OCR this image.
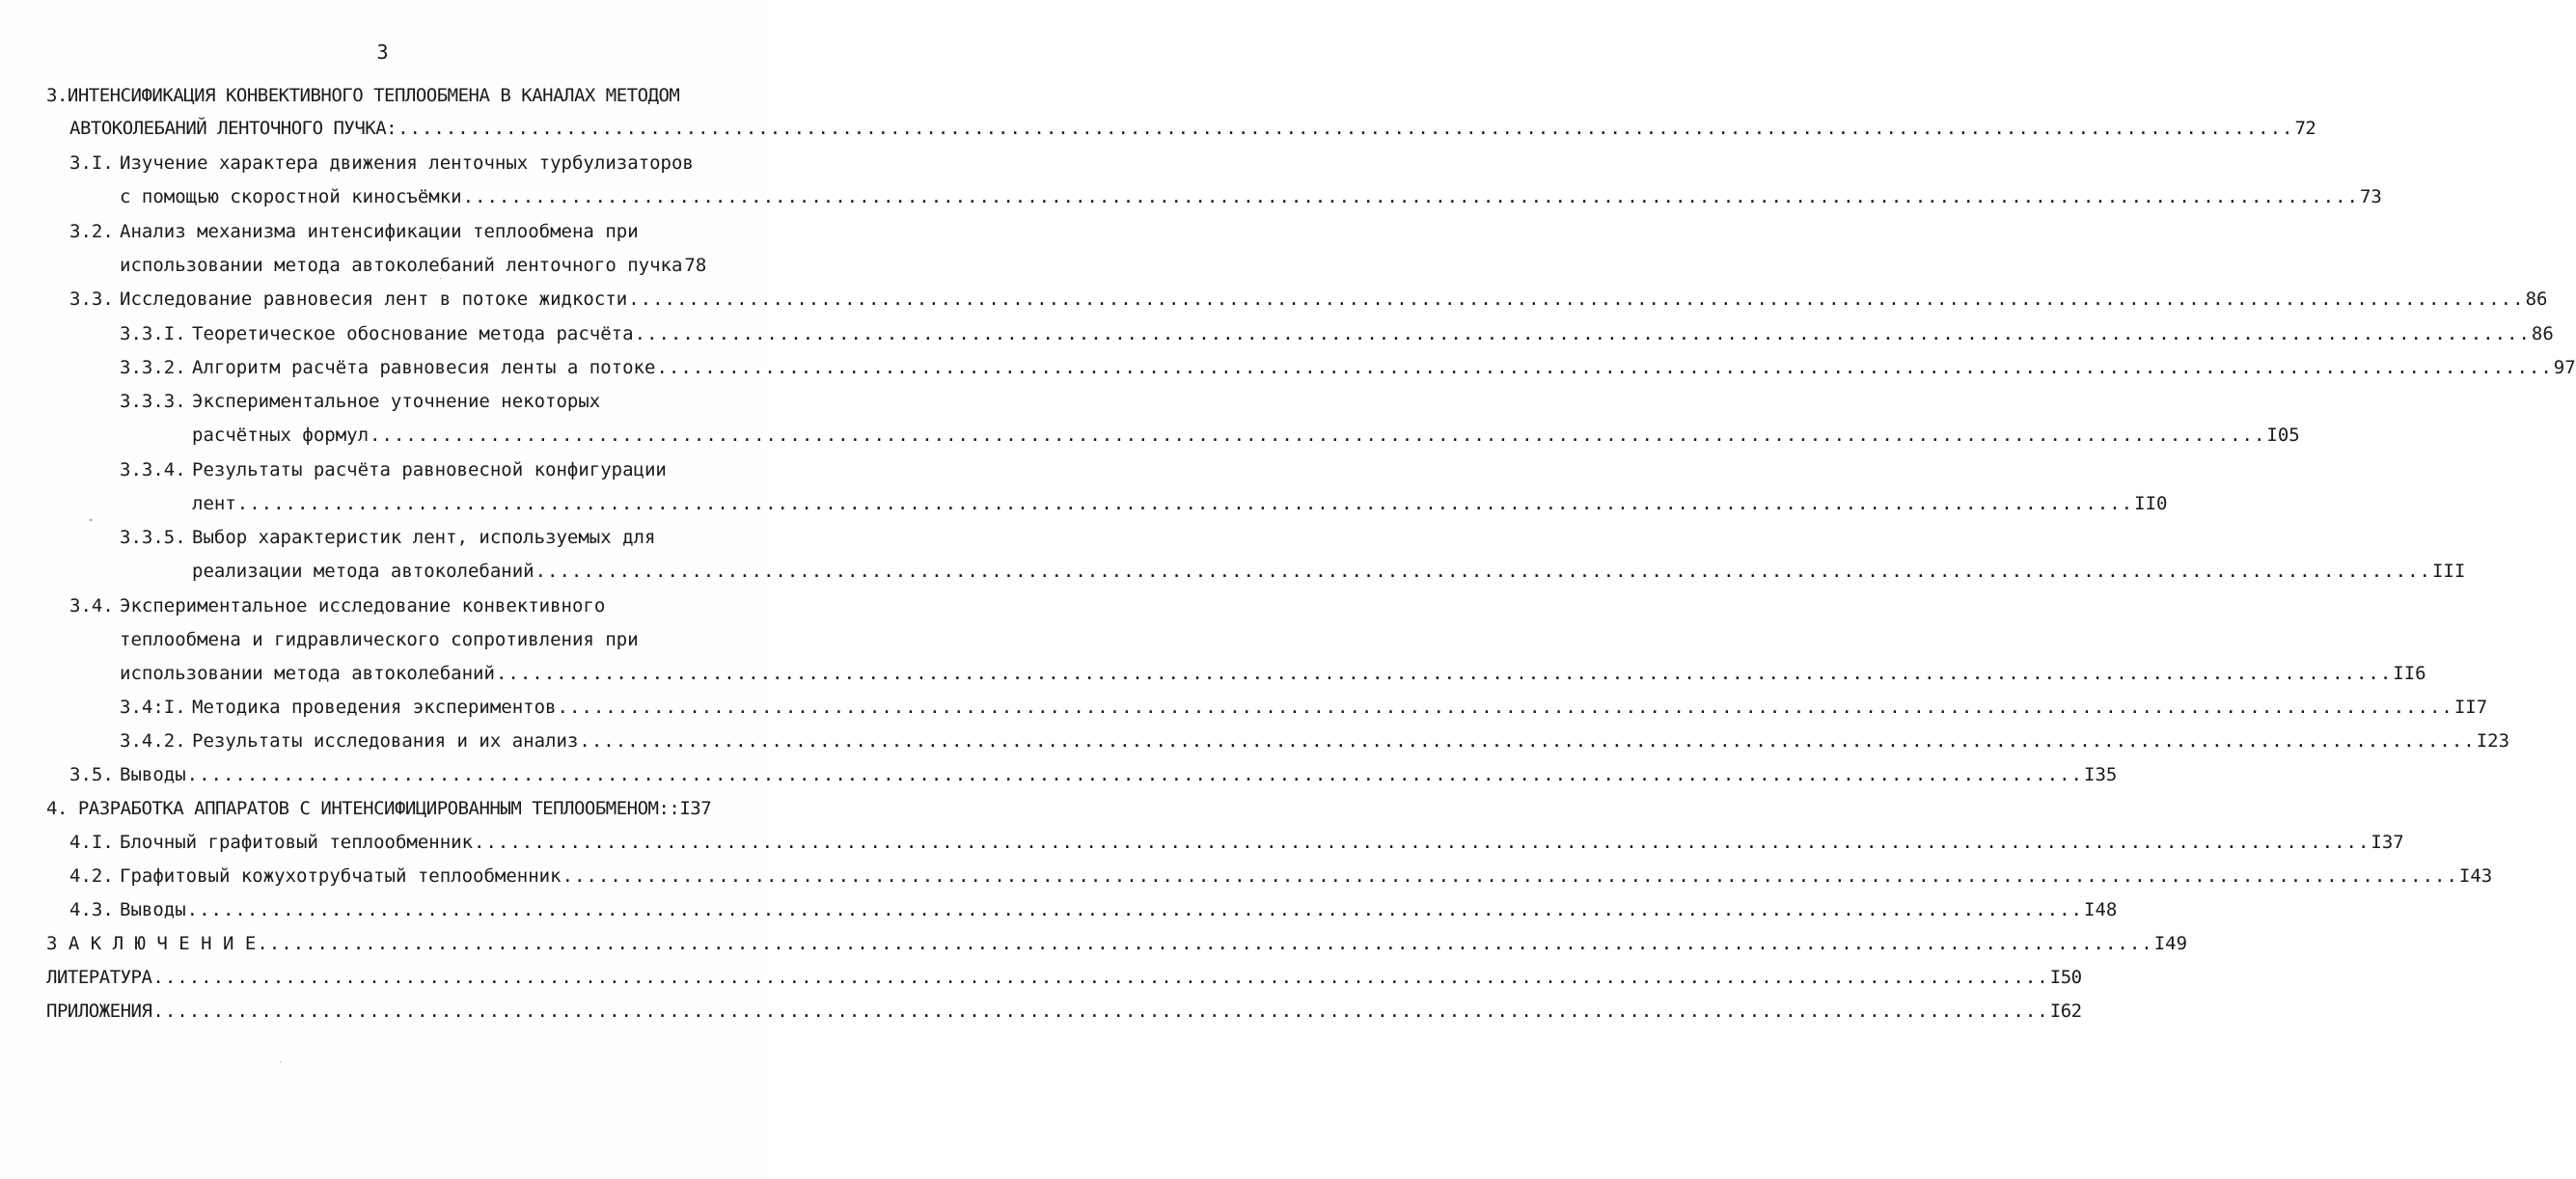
3
3.ИНТЕНСИФИКАЦИЯ КОНВЕКТИВНОГО ТЕПЛООБМЕНА В КАНАЛАХ МЕТОДОМ
АВТОКОЛЕБАНИЙ ЛЕНТОЧНОГО ПУЧКА: .....	72
3.I. Изучение характера движения ленточных турбулизаторов
с помощью скоростной киносъёмки .....	73
3.2. Анализ механизма интенсификации теплообмена при
использовании метода автоколебаний ленточного пучка 78
3.3. Исследование равновесия лент в потоке жидкости .....	86
3.3.I. Теоретическое обоснование метода расчёта .....	86
3.3.2. Алгоритм расчёта равновесия ленты а потоке .....	97
3.3.3. Экспериментальное уточнение некоторых
расчётных формул .....	I05
3.3.4. Результаты расчёта равновесной конфигурации
лент .....	II0
3.3.5. Выбор характеристик лент, используемых для
реализации метода автоколебаний .....	III
3.4. Экспериментальное исследование конвективного
теплообмена и гидравлического сопротивления при
использовании метода автоколебаний .....	II6
3.4:I. Методика проведения экспериментов .....	II7
3.4.2. Результаты исследования и их анализ .....	I23
3.5. Выводы .....	I35
4. РАЗРАБОТКА АППАРАТОВ С ИНТЕНСИФИЦИРОВАННЫМ ТЕПЛООБМЕНОМ:: I37
4.I. Блочный графитовый теплообменник .....	I37
4.2. Графитовый кожухотрубчатый теплообменник .....	I43
4.3. Выводы .....	I48
З А К Л Ю Ч Е Н И Е .....	I49
ЛИТЕРАТУРА .....	I50
ПРИЛОЖЕНИЯ .....	I62
